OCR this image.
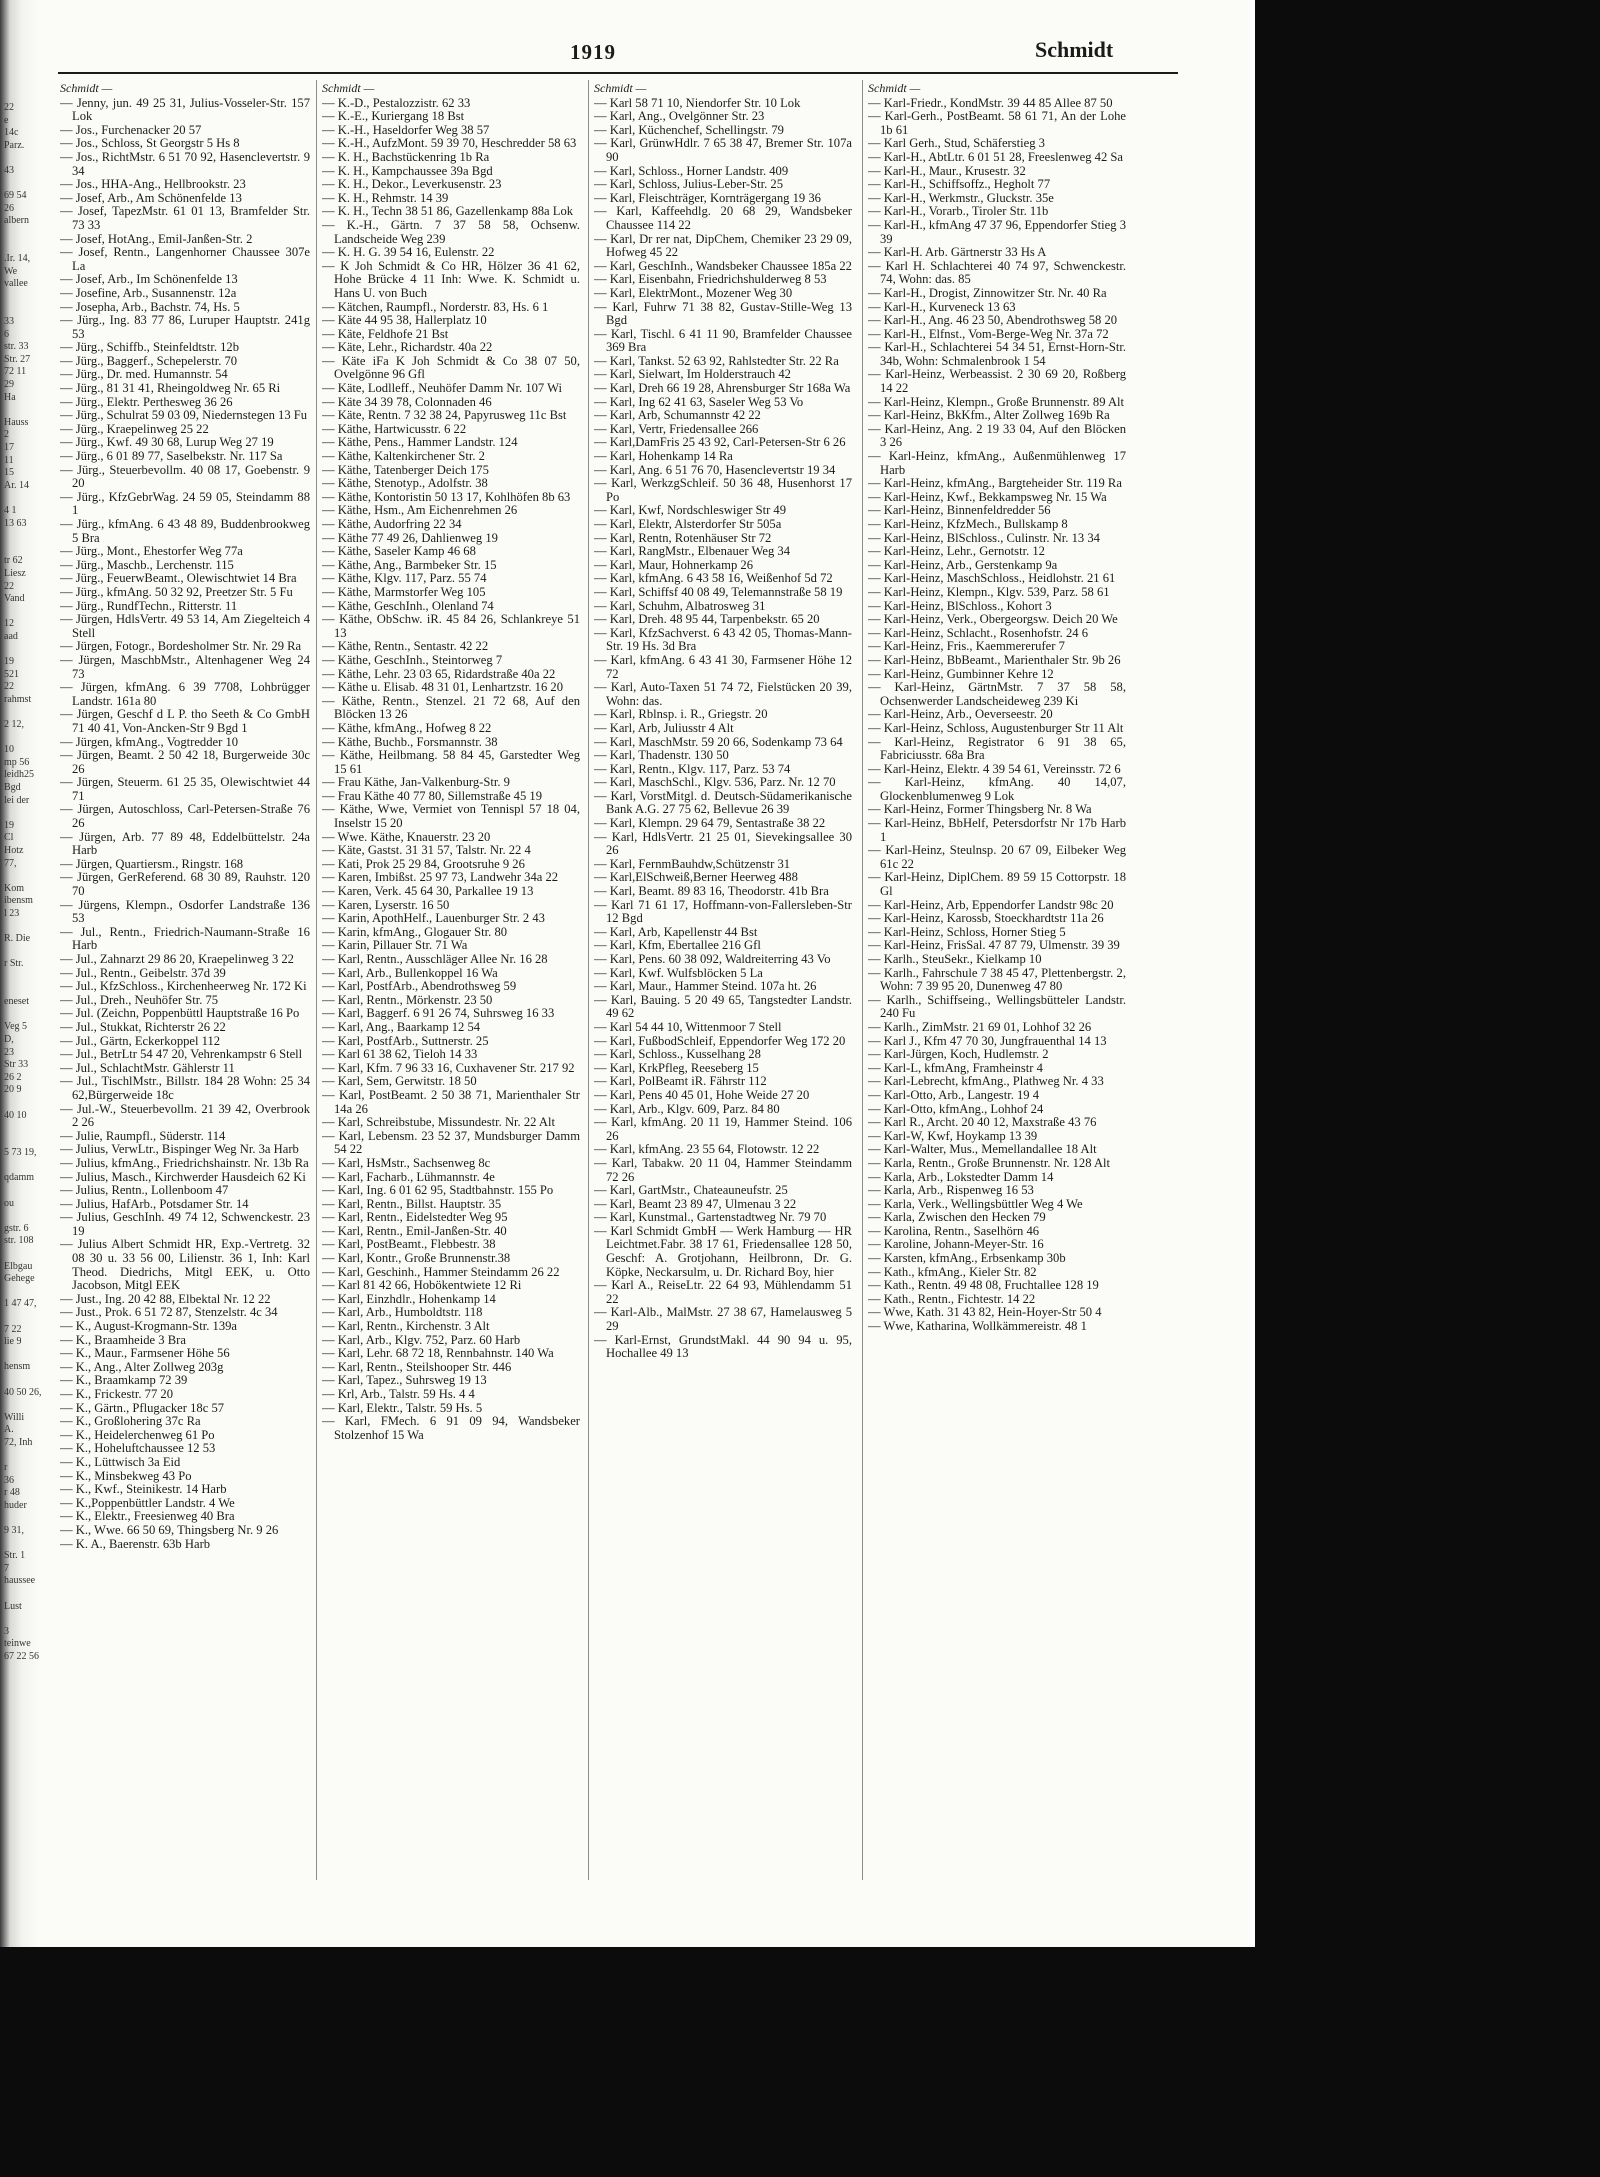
22
e
14c
Parz.

43

69 54
26
albern

.Ir. 14,
We
vallee

33
6
str. 33
Str. 27
72 11
29
Ha

Hauss
2
17
11
15
Ar. 14

4 1
13 63

tr 62
Liesz
22
Vand

12
aad

19
521
22
rahmst

2 12,

10
mp 56
leidh25
Bgd
lei der

19
Cl
Hotz
77,

Kom
ibensm
l 23

R. Die

r Str.

eneset

Veg 5
D,
23
Str 33
26 2
20 9

40 10

5 73 19,

qdamm

ou

gstr. 6
str. 108

Elbgau
Gehege

1 47 47,

7 22
lie 9

hensm

40 50 26,

Willi
A.
72, Inh

r
36
r 48
huder

9 31,

Str. 1
7
haussee

Lust

3
teinwe
67 22 56
1919	Schmidt
Schmidt —

— Jenny, jun. 49 25 31, Julius-Vosseler-Str. 157 Lok

— Jos., Furchenacker 20 57

— Jos., Schloss, St Georgstr 5 Hs 8

— Jos., RichtMstr. 6 51 70 92, Hasenclevertstr. 9 34

— Jos., HHA-Ang., Hellbrookstr. 23

— Josef, Arb., Am Schönenfelde 13

— Josef, TapezMstr. 61 01 13, Bramfelder Str. 73 33

— Josef, HotAng., Emil-Janßen-Str. 2

— Josef, Rentn., Langenhorner Chaussee 307e La

— Josef, Arb., Im Schönenfelde 13

— Josefine, Arb., Susannenstr. 12a

— Josepha, Arb., Bachstr. 74, Hs. 5

— Jürg., Ing. 83 77 86, Luruper Hauptstr. 241g 53

— Jürg., Schiffb., Steinfeldtstr. 12b

— Jürg., Baggerf., Schepelerstr. 70

— Jürg., Dr. med. Humannstr. 54

— Jürg., 81 31 41, Rheingoldweg Nr. 65 Ri

— Jürg., Elektr. Perthesweg 36 26

— Jürg., Schulrat 59 03 09, Niedernstegen 13 Fu

— Jürg., Kraepelinweg 25 22

— Jürg., Kwf. 49 30 68, Lurup Weg 27 19

— Jürg., 6 01 89 77, Saselbekstr. Nr. 117 Sa

— Jürg., Steuerbevollm. 40 08 17, Goebenstr. 9 20

— Jürg., KfzGebrWag. 24 59 05, Steindamm 88 1

— Jürg., kfmAng. 6 43 48 89, Buddenbrookweg 5 Bra

— Jürg., Mont., Ehestorfer Weg 77a

— Jürg., Maschb., Lerchenstr. 115

— Jürg., FeuerwBeamt., Olewischtwiet 14 Bra

— Jürg., kfmAng. 50 32 92, Preetzer Str. 5 Fu

— Jürg., RundfTechn., Ritterstr. 11

— Jürgen, HdlsVertr. 49 53 14, Am Ziegelteich 4 Stell

— Jürgen, Fotogr., Bordesholmer Str. Nr. 29 Ra

— Jürgen, MaschbMstr., Altenhagener Weg 24 73

— Jürgen, kfmAng. 6 39 7708, Lohbrügger Landstr. 161a 80

— Jürgen, Geschf d L P. tho Seeth & Co GmbH 71 40 41, Von-Ancken-Str 9 Bgd 1

— Jürgen, kfmAng., Vogtredder 10

— Jürgen, Beamt. 2 50 42 18, Burgerweide 30c 26

— Jürgen, Steuerm. 61 25 35, Olewischtwiet 44 71

— Jürgen, Autoschloss, Carl-Petersen-Straße 76 26

— Jürgen, Arb. 77 89 48, Eddelbüttelstr. 24a Harb

— Jürgen, Quartiersm., Ringstr. 168

— Jürgen, GerReferend. 68 30 89, Rauhstr. 120 70

— Jürgens, Klempn., Osdorfer Landstraße 136 53

— Jul., Rentn., Friedrich-Naumann-Straße 16 Harb

— Jul., Zahnarzt 29 86 20, Kraepelinweg 3 22

— Jul., Rentn., Geibelstr. 37d 39

— Jul., KfzSchloss., Kirchenheerweg Nr. 172 Ki

— Jul., Dreh., Neuhöfer Str. 75

— Jul. (Zeichn, Poppenbüttl Hauptstraße 16 Po

— Jul., Stukkat, Richterstr 26 22

— Jul., Gärtn, Eckerkoppel 112

— Jul., BetrLtr 54 47 20, Vehrenkampstr 6 Stell

— Jul., SchlachtMstr. Gählerstr 11

— Jul., TischlMstr., Billstr. 184 28 Wohn: 25 34 62,Bürgerweide 18c

— Jul.-W., Steuerbevollm. 21 39 42, Overbrook 2 26

— Julie, Raumpfl., Süderstr. 114

— Julius, VerwLtr., Bispinger Weg Nr. 3a Harb

— Julius, kfmAng., Friedrichshainstr. Nr. 13b Ra

— Julius, Masch., Kirchwerder Hausdeich 62 Ki

— Julius, Rentn., Lollenboom 47

— Julius, HafArb., Potsdamer Str. 14

— Julius, GeschInh. 49 74 12, Schwenckestr. 23 19

— Julius Albert Schmidt HR, Exp.-Vertretg. 32 08 30 u. 33 56 00, Lilienstr. 36 1, Inh: Karl Theod. Diedrichs, Mitgl EEK, u. Otto Jacobson, Mitgl EEK

— Just., Ing. 20 42 88, Elbektal Nr. 12 22

— Just., Prok. 6 51 72 87, Stenzelstr. 4c 34

— K., August-Krogmann-Str. 139a

— K., Braamheide 3 Bra

— K., Maur., Farmsener Höhe 56

— K., Ang., Alter Zollweg 203g

— K., Braamkamp 72 39

— K., Frickestr. 77 20

— K., Gärtn., Pflugacker 18c 57

— K., Großlohering 37c Ra

— K., Heidelerchenweg 61 Po

— K., Hoheluftchaussee 12 53

— K., Lüttwisch 3a Eid

— K., Minsbekweg 43 Po

— K., Kwf., Steinikestr. 14 Harb

— K.,Poppenbüttler Landstr. 4 We

— K., Elektr., Freesienweg 40 Bra

— K., Wwe. 66 50 69, Thingsberg Nr. 9 26

— K. A., Baerenstr. 63b Harb

Schmidt —

— K.-D., Pestalozzistr. 62 33

— K.-E., Kuriergang 18 Bst

— K.-H., Haseldorfer Weg 38 57

— K.-H., AufzMont. 59 39 70, Heschredder 58 63

— K. H., Bachstückenring 1b Ra

— K. H., Kampchaussee 39a Bgd

— K. H., Dekor., Leverkusenstr. 23

— K. H., Rehmstr. 14 39

— K. H., Techn 38 51 86, Gazellenkamp 88a Lok

— K.-H., Gärtn. 7 37 58 58, Ochsenw. Landscheide Weg 239

— K. H. G. 39 54 16, Eulenstr. 22

— K Joh Schmidt & Co HR, Hölzer 36 41 62, Hohe Brücke 4 11 Inh: Wwe. K. Schmidt u. Hans U. von Buch

— Kätchen, Raumpfl., Norderstr. 83, Hs. 6 1

— Käte 44 95 38, Hallerplatz 10

— Käte, Feldhofe 21 Bst

— Käte, Lehr., Richardstr. 40a 22

— Käte iFa K Joh Schmidt & Co 38 07 50, Ovelgönne 96 Gfl

— Käte, Lodlleff., Neuhöfer Damm Nr. 107 Wi

— Käte 34 39 78, Colonnaden 46

— Käte, Rentn. 7 32 38 24, Papyrusweg 11c Bst

— Käthe, Hartwicusstr. 6 22

— Käthe, Pens., Hammer Landstr. 124

— Käthe, Kaltenkirchener Str. 2

— Käthe, Tatenberger Deich 175

— Käthe, Stenotyp., Adolfstr. 38

— Käthe, Kontoristin 50 13 17, Kohlhöfen 8b 63

— Käthe, Hsm., Am Eichenrehmen 26

— Käthe, Audorfring 22 34

— Käthe 77 49 26, Dahlienweg 19

— Käthe, Saseler Kamp 46 68

— Käthe, Ang., Barmbeker Str. 15

— Käthe, Klgv. 117, Parz. 55 74

— Käthe, Marmstorfer Weg 105

— Käthe, GeschInh., Olenland 74

— Käthe, ObSchw. iR. 45 84 26, Schlankreye 51 13

— Käthe, Rentn., Sentastr. 42 22

— Käthe, GeschInh., Steintorweg 7

— Käthe, Lehr. 23 03 65, Ridardstraße 40a 22

— Käthe u. Elisab. 48 31 01, Lenhartzstr. 16 20

— Käthe, Rentn., Stenzel. 21 72 68, Auf den Blöcken 13 26

— Käthe, kfmAng., Hofweg 8 22

— Käthe, Buchb., Forsmannstr. 38

— Käthe, Heilbmang. 58 84 45, Garstedter Weg 15 61

— Frau Käthe, Jan-Valkenburg-Str. 9

— Frau Käthe 40 77 80, Sillemstraße 45 19

— Käthe, Wwe, Vermiet von Tennispl 57 18 04, Inselstr 15 20

— Wwe. Käthe, Knauerstr. 23 20

— Käte, Gastst. 31 31 57, Talstr. Nr. 22 4

— Kati, Prok 25 29 84, Grootsruhe 9 26

— Karen, Imbißst. 25 97 73, Landwehr 34a 22

— Karen, Verk. 45 64 30, Parkallee 19 13

— Karen, Lyserstr. 16 50

— Karin, ApothHelf., Lauenburger Str. 2 43

— Karin, kfmAng., Glogauer Str. 80

— Karin, Pillauer Str. 71 Wa

— Karl, Rentn., Ausschläger Allee Nr. 16 28

— Karl, Arb., Bullenkoppel 16 Wa

— Karl, PostfArb., Abendrothsweg 59

— Karl, Rentn., Mörkenstr. 23 50

— Karl, Baggerf. 6 91 26 74, Suhrsweg 16 33

— Karl, Ang., Baarkamp 12 54

— Karl, PostfArb., Suttnerstr. 25

— Karl 61 38 62, Tieloh 14 33

— Karl, Kfm. 7 96 33 16, Cuxhavener Str. 217 92

— Karl, Sem, Gerwitstr. 18 50

— Karl, PostBeamt. 2 50 38 71, Marienthaler Str 14a 26

— Karl, Schreibstube, Missundestr. Nr. 22 Alt

— Karl, Lebensm. 23 52 37, Mundsburger Damm 54 22

— Karl, HsMstr., Sachsenweg 8c

— Karl, Facharb., Lühmannstr. 4e

— Karl, Ing. 6 01 62 95, Stadtbahnstr. 155 Po

— Karl, Rentn., Billst. Hauptstr. 35

— Karl, Rentn., Eidelstedter Weg 95

— Karl, Rentn., Emil-Janßen-Str. 40

— Karl, PostBeamt., Flebbestr. 38

— Karl, Kontr., Große Brunnenstr.38

— Karl, Geschinh., Hammer Steindamm 26 22

— Karl 81 42 66, Hobökentwiete 12 Ri

— Karl, Einzhdlr., Hohenkamp 14

— Karl, Arb., Humboldtstr. 118

— Karl, Rentn., Kirchenstr. 3 Alt

— Karl, Arb., Klgv. 752, Parz. 60 Harb

— Karl, Lehr. 68 72 18, Rennbahnstr. 140 Wa

— Karl, Rentn., Steilshooper Str. 446

— Karl, Tapez., Suhrsweg 19 13

— Krl, Arb., Talstr. 59 Hs. 4 4

— Karl, Elektr., Talstr. 59 Hs. 5

— Karl, FMech. 6 91 09 94, Wandsbeker Stolzenhof 15 Wa

Schmidt —

— Karl 58 71 10, Niendorfer Str. 10 Lok

— Karl, Ang., Ovelgönner Str. 23

— Karl, Küchenchef, Schellingstr. 79

— Karl, GrünwHdlr. 7 65 38 47, Bremer Str. 107a 90

— Karl, Schloss., Horner Landstr. 409

— Karl, Schloss, Julius-Leber-Str. 25

— Karl, Fleischträger, Kornträgergang 19 36

— Karl, Kaffeehdlg. 20 68 29, Wandsbeker Chaussee 114 22

— Karl, Dr rer nat, DipChem, Chemiker 23 29 09, Hofweg 45 22

— Karl, GeschInh., Wandsbeker Chaussee 185a 22

— Karl, Eisenbahn, Friedrichshulderweg 8 53

— Karl, ElektrMont., Mozener Weg 30

— Karl, Fuhrw 71 38 82, Gustav-Stille-Weg 13 Bgd

— Karl, Tischl. 6 41 11 90, Bramfelder Chaussee 369 Bra

— Karl, Tankst. 52 63 92, Rahlstedter Str. 22 Ra

— Karl, Sielwart, Im Holderstrauch 42

— Karl, Dreh 66 19 28, Ahrensburger Str 168a Wa

— Karl, Ing 62 41 63, Saseler Weg 53 Vo

— Karl, Arb, Schumannstr 42 22

— Karl, Vertr, Friedensallee 266

— Karl,DamFris 25 43 92, Carl-Petersen-Str 6 26

— Karl, Hohenkamp 14 Ra

— Karl, Ang. 6 51 76 70, Hasenclevertstr 19 34

— Karl, WerkzgSchleif. 50 36 48, Husenhorst 17 Po

— Karl, Kwf, Nordschleswiger Str 49

— Karl, Elektr, Alsterdorfer Str 505a

— Karl, Rentn, Rotenhäuser Str 72

— Karl, RangMstr., Elbenauer Weg 34

— Karl, Maur, Hohnerkamp 26

— Karl, kfmAng. 6 43 58 16, Weißenhof 5d 72

— Karl, Schiffsf 40 08 49, Telemannstraße 58 19

— Karl, Schuhm, Albatrosweg 31

— Karl, Dreh. 48 95 44, Tarpenbekstr. 65 20

— Karl, KfzSachverst. 6 43 42 05, Thomas-Mann-Str. 19 Hs. 3d Bra

— Karl, kfmAng. 6 43 41 30, Farmsener Höhe 12 72

— Karl, Auto-Taxen 51 74 72, Fielstücken 20 39, Wohn: das.

— Karl, Rblnsp. i. R., Griegstr. 20

— Karl, Arb, Juliusstr 4 Alt

— Karl, MaschMstr. 59 20 66, Sodenkamp 73 64

— Karl, Thadenstr. 130 50

— Karl, Rentn., Klgv. 117, Parz. 53 74

— Karl, MaschSchl., Klgv. 536, Parz. Nr. 12 70

— Karl, VorstMitgl. d. Deutsch-Südamerikanische Bank A.G. 27 75 62, Bellevue 26 39

— Karl, Klempn. 29 64 79, Sentastraße 38 22

— Karl, HdlsVertr. 21 25 01, Sievekingsallee 30 26

— Karl, FernmBauhdw,Schützenstr 31

— Karl,ElSchweiß,Berner Heerweg 488

— Karl, Beamt. 89 83 16, Theodorstr. 41b Bra

— Karl 71 61 17, Hoffmann-von-Fallersleben-Str 12 Bgd

— Karl, Arb, Kapellenstr 44 Bst

— Karl, Kfm, Ebertallee 216 Gfl

— Karl, Pens. 60 38 092, Waldreiterring 43 Vo

— Karl, Kwf. Wulfsblöcken 5 La

— Karl, Maur., Hammer Steind. 107a ht. 26

— Karl, Bauing. 5 20 49 65, Tangstedter Landstr. 49 62

— Karl 54 44 10, Wittenmoor 7 Stell

— Karl, FußbodSchleif, Eppendorfer Weg 172 20

— Karl, Schloss., Kusselhang 28

— Karl, KrkPfleg, Reeseberg 15

— Karl, PolBeamt iR. Fährstr 112

— Karl, Pens 40 45 01, Hohe Weide 27 20

— Karl, Arb., Klgv. 609, Parz. 84 80

— Karl, kfmAng. 20 11 19, Hammer Steind. 106 26

— Karl, kfmAng. 23 55 64, Flotowstr. 12 22

— Karl, Tabakw. 20 11 04, Hammer Steindamm 72 26

— Karl, GartMstr., Chateauneufstr. 25

— Karl, Beamt 23 89 47, Ulmenau 3 22

— Karl, Kunstmal., Gartenstadtweg Nr. 79 70

— Karl Schmidt GmbH — Werk Hamburg — HR Leichtmet.Fabr. 38 17 61, Friedensallee 128 50, Geschf: A. Grotjohann, Heilbronn, Dr. G. Köpke, Neckarsulm, u. Dr. Richard Boy, hier

— Karl A., ReiseLtr. 22 64 93, Mühlendamm 51 22

— Karl-Alb., MalMstr. 27 38 67, Hamelausweg 5 29

— Karl-Ernst, GrundstMakl. 44 90 94 u. 95, Hochallee 49 13

Schmidt —

— Karl-Friedr., KondMstr. 39 44 85 Allee 87 50

— Karl-Gerh., PostBeamt. 58 61 71, An der Lohe 1b 61

— Karl Gerh., Stud, Schäferstieg 3

— Karl-H., AbtLtr. 6 01 51 28, Freeslenweg 42 Sa

— Karl-H., Maur., Krusestr. 32

— Karl-H., Schiffsoffz., Hegholt 77

— Karl-H., Werkmstr., Gluckstr. 35e

— Karl-H., Vorarb., Tiroler Str. 11b

— Karl-H., kfmAng 47 37 96, Eppendorfer Stieg 3 39

— Karl-H. Arb. Gärtnerstr 33 Hs A

— Karl H. Schlachterei 40 74 97, Schwenckestr. 74, Wohn: das. 85

— Karl-H., Drogist, Zinnowitzer Str. Nr. 40 Ra

— Karl-H., Kurveneck 13 63

— Karl-H., Ang. 46 23 50, Abendrothsweg 58 20

— Karl-H., Elfnst., Vom-Berge-Weg Nr. 37a 72

— Karl-H., Schlachterei 54 34 51, Ernst-Horn-Str. 34b, Wohn: Schmalenbrook 1 54

— Karl-Heinz, Werbeassist. 2 30 69 20, Roßberg 14 22

— Karl-Heinz, Klempn., Große Brunnenstr. 89 Alt

— Karl-Heinz, BkKfm., Alter Zollweg 169b Ra

— Karl-Heinz, Ang. 2 19 33 04, Auf den Blöcken 3 26

— Karl-Heinz, kfmAng., Außenmühlenweg 17 Harb

— Karl-Heinz, kfmAng., Bargteheider Str. 119 Ra

— Karl-Heinz, Kwf., Bekkampsweg Nr. 15 Wa

— Karl-Heinz, Binnenfeldredder 56

— Karl-Heinz, KfzMech., Bullskamp 8

— Karl-Heinz, BlSchloss., Culinstr. Nr. 13 34

— Karl-Heinz, Lehr., Gernotstr. 12

— Karl-Heinz, Arb., Gerstenkamp 9a

— Karl-Heinz, MaschSchloss., Heidlohstr. 21 61

— Karl-Heinz, Klempn., Klgv. 539, Parz. 58 61

— Karl-Heinz, BlSchloss., Kohort 3

— Karl-Heinz, Verk., Obergeorgsw. Deich 20 We

— Karl-Heinz, Schlacht., Rosenhofstr. 24 6

— Karl-Heinz, Fris., Kaemmererufer 7

— Karl-Heinz, BbBeamt., Marienthaler Str. 9b 26

— Karl-Heinz, Gumbinner Kehre 12

— Karl-Heinz, GärtnMstr. 7 37 58 58, Ochsenwerder Landscheideweg 239 Ki

— Karl-Heinz, Arb., Oeverseestr. 20

— Karl-Heinz, Schloss, Augustenburger Str 11 Alt

— Karl-Heinz, Registrator 6 91 38 65, Fabriciusstr. 68a Bra

— Karl-Heinz, Elektr. 4 39 54 61, Vereinsstr. 72 6

— Karl-Heinz, kfmAng. 40 14,07, Glockenblumenweg 9 Lok

— Karl-Heinz, Former Thingsberg Nr. 8 Wa

— Karl-Heinz, BbHelf, Petersdorfstr Nr 17b Harb 1

— Karl-Heinz, Steulnsp. 20 67 09, Eilbeker Weg 61c 22

— Karl-Heinz, DiplChem. 89 59 15 Cottorpstr. 18 Gl

— Karl-Heinz, Arb, Eppendorfer Landstr 98c 20

— Karl-Heinz, Karossb, Stoeckhardtstr 11a 26

— Karl-Heinz, Schloss, Horner Stieg 5

— Karl-Heinz, FrisSal. 47 87 79, Ulmenstr. 39 39

— Karlh., SteuSekr., Kielkamp 10

— Karlh., Fahrschule 7 38 45 47, Plettenbergstr. 2, Wohn: 7 39 95 20, Dunenweg 47 80

— Karlh., Schiffseing., Wellingsbütteler Landstr. 240 Fu

— Karlh., ZimMstr. 21 69 01, Lohhof 32 26

— Karl J., Kfm 47 70 30, Jungfrauenthal 14 13

— Karl-Jürgen, Koch, Hudlemstr. 2

— Karl-L, kfmAng, Framheinstr 4

— Karl-Lebrecht, kfmAng., Plathweg Nr. 4 33

— Karl-Otto, Arb., Langestr. 19 4

— Karl-Otto, kfmAng., Lohhof 24

— Karl R., Archt. 20 40 12, Maxstraße 43 76

— Karl-W, Kwf, Hoykamp 13 39

— Karl-Walter, Mus., Memellandallee 18 Alt

— Karla, Rentn., Große Brunnenstr. Nr. 128 Alt

— Karla, Arb., Lokstedter Damm 14

— Karla, Arb., Rispenweg 16 53

— Karla, Verk., Wellingsbüttler Weg 4 We

— Karla, Zwischen den Hecken 79

— Karolina, Rentn., Saselhörn 46

— Karoline, Johann-Meyer-Str. 16

— Karsten, kfmAng., Erbsenkamp 30b

— Kath., kfmAng., Kieler Str. 82

— Kath., Rentn. 49 48 08, Fruchtallee 128 19

— Kath., Rentn., Fichtestr. 14 22

— Wwe, Kath. 31 43 82, Hein-Hoyer-Str 50 4

— Wwe, Katharina, Wollkämmereistr. 48 1
